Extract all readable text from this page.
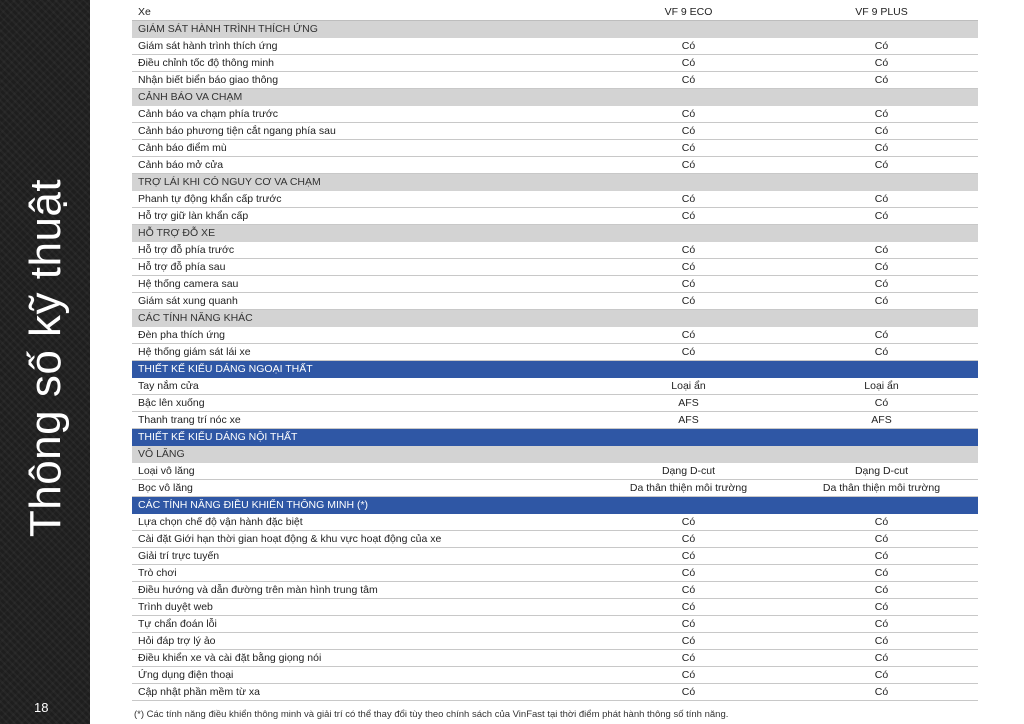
Thông số kỹ thuật
18
Xe	VF 9 ECO	VF 9 PLUS
GIÁM SÁT HÀNH TRÌNH THÍCH ỨNG		
Giám sát hành trình thích ứng	Có	Có
Điều chỉnh tốc độ thông minh	Có	Có
Nhận biết biển báo giao thông	Có	Có
CẢNH BÁO VA CHẠM		
Cảnh báo va chạm phía trước	Có	Có
Cảnh báo phương tiện cắt ngang phía sau	Có	Có
Cảnh báo điểm mù	Có	Có
Cảnh báo mở cửa	Có	Có
TRỢ LÁI KHI CÓ NGUY CƠ VA CHẠM		
Phanh tự động khẩn cấp trước	Có	Có
Hỗ trợ giữ làn khẩn cấp	Có	Có
HỖ TRỢ ĐỖ XE		
Hỗ trợ đỗ phía trước	Có	Có
Hỗ trợ đỗ phía sau	Có	Có
Hệ thống camera sau	Có	Có
Giám sát xung quanh	Có	Có
CÁC TÍNH NĂNG KHÁC		
Đèn pha thích ứng	Có	Có
Hệ thống giám sát lái xe	Có	Có
THIẾT KẾ KIỂU DÁNG NGOẠI THẤT		
Tay nắm cửa	Loại ẩn	Loại ẩn
Bậc lên xuống	AFS	Có
Thanh trang trí nóc xe	AFS	AFS
THIẾT KẾ KIỂU DÁNG NỘI THẤT		
VÔ LĂNG		
Loại vô lăng	Dạng D-cut	Dạng D-cut
Bọc vô lăng	Da thân thiện môi trường	Da thân thiện môi trường
CÁC TÍNH NĂNG ĐIỀU KHIỂN THÔNG MINH (*)		
Lựa chọn chế độ vận hành đặc biệt	Có	Có
Cài đặt Giới hạn thời gian hoạt động & khu vực hoạt động của xe	Có	Có
Giải trí trực tuyến	Có	Có
Trò chơi	Có	Có
Điều hướng và dẫn đường trên màn hình trung tâm	Có	Có
Trình duyệt web	Có	Có
Tự chẩn đoán lỗi	Có	Có
Hỏi đáp trợ lý ảo	Có	Có
Điều khiển xe và cài đặt bằng giọng nói	Có	Có
Ứng dụng điện thoại	Có	Có
Cập nhật phần mềm từ xa	Có	Có
(*) Các tính năng điều khiển thông minh và giải trí có thể thay đổi tùy theo chính sách của VinFast tại thời điểm phát hành thông số tính năng.
